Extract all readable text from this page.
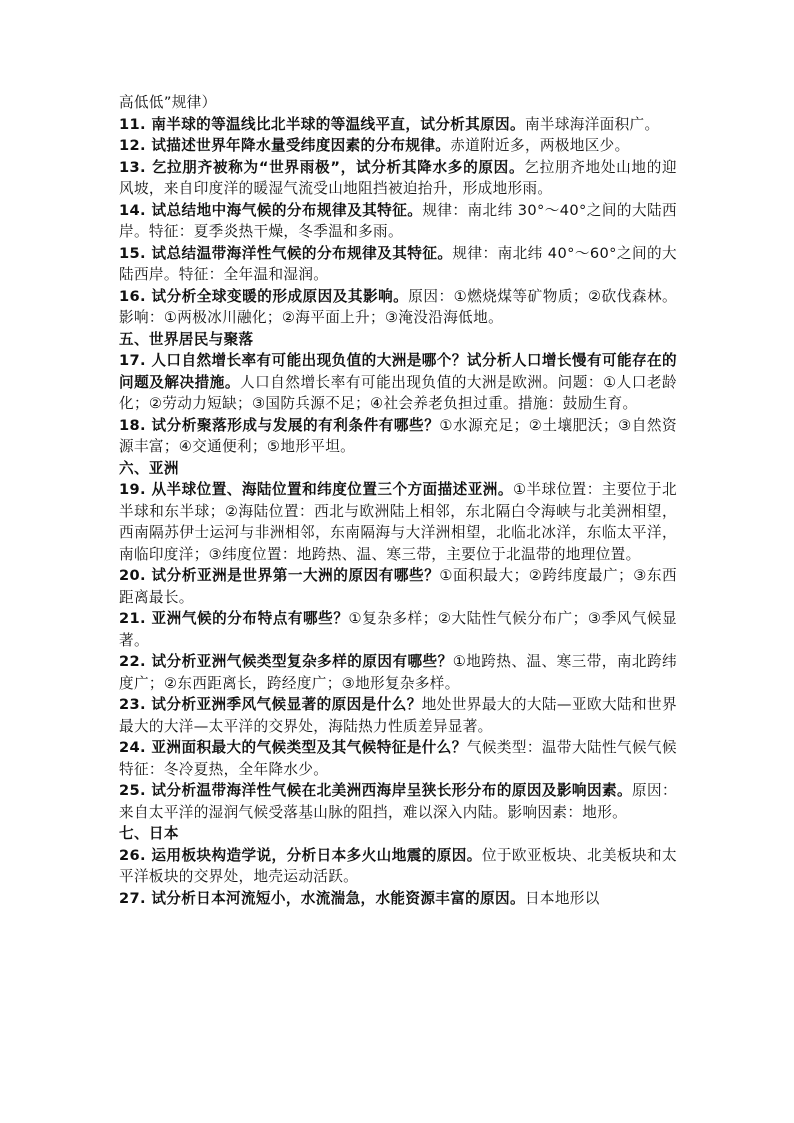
高低低”规律）

11. 南半球的等温线比北半球的等温线平直，试分析其原因。南半球海洋面积广。

12. 试描述世界年降水量受纬度因素的分布规律。赤道附近多，两极地区少。

13. 乞拉朋齐被称为“世界雨极”，试分析其降水多的原因。乞拉朋齐地处山地的迎风坡，来自印度洋的暖湿气流受山地阻挡被迫抬升，形成地形雨。

14. 试总结地中海气候的分布规律及其特征。规律：南北纬 30°～40°之间的大陆西岸。特征：夏季炎热干燥，冬季温和多雨。

15. 试总结温带海洋性气候的分布规律及其特征。规律：南北纬 40°～60°之间的大陆西岸。特征：全年温和湿润。

16. 试分析全球变暖的形成原因及其影响。原因：①燃烧煤等矿物质；②砍伐森林。影响：①两极冰川融化；②海平面上升；③淹没沿海低地。

五、世界居民与聚落

17. 人口自然增长率有可能出现负值的大洲是哪个？试分析人口增长慢有可能存在的问题及解决措施。人口自然增长率有可能出现负值的大洲是欧洲。问题：①人口老龄化；②劳动力短缺；③国防兵源不足；④社会养老负担过重。措施：鼓励生育。

18. 试分析聚落形成与发展的有利条件有哪些？①水源充足；②土壤肥沃；③自然资源丰富；④交通便利；⑤地形平坦。

六、亚洲

19. 从半球位置、海陆位置和纬度位置三个方面描述亚洲。①半球位置：主要位于北半球和东半球；②海陆位置：西北与欧洲陆上相邻，东北隔白令海峡与北美洲相望，西南隔苏伊士运河与非洲相邻，东南隔海与大洋洲相望，北临北冰洋，东临太平洋，南临印度洋；③纬度位置：地跨热、温、寒三带，主要位于北温带的地理位置。

20. 试分析亚洲是世界第一大洲的原因有哪些？①面积最大；②跨纬度最广；③东西距离最长。

21. 亚洲气候的分布特点有哪些？①复杂多样；②大陆性气候分布广；③季风气候显著。

22. 试分析亚洲气候类型复杂多样的原因有哪些？①地跨热、温、寒三带，南北跨纬度广；②东西距离长，跨经度广；③地形复杂多样。

23. 试分析亚洲季风气候显著的原因是什么？地处世界最大的大陆—亚欧大陆和世界最大的大洋—太平洋的交界处，海陆热力性质差异显著。

24. 亚洲面积最大的气候类型及其气候特征是什么？气候类型：温带大陆性气候气候特征：冬冷夏热，全年降水少。

25. 试分析温带海洋性气候在北美洲西海岸呈狭长形分布的原因及影响因素。原因：来自太平洋的湿润气候受落基山脉的阻挡，难以深入内陆。影响因素：地形。

七、日本

26. 运用板块构造学说，分析日本多火山地震的原因。位于欧亚板块、北美板块和太平洋板块的交界处，地壳运动活跃。

27. 试分析日本河流短小，水流湍急，水能资源丰富的原因。日本地形以
